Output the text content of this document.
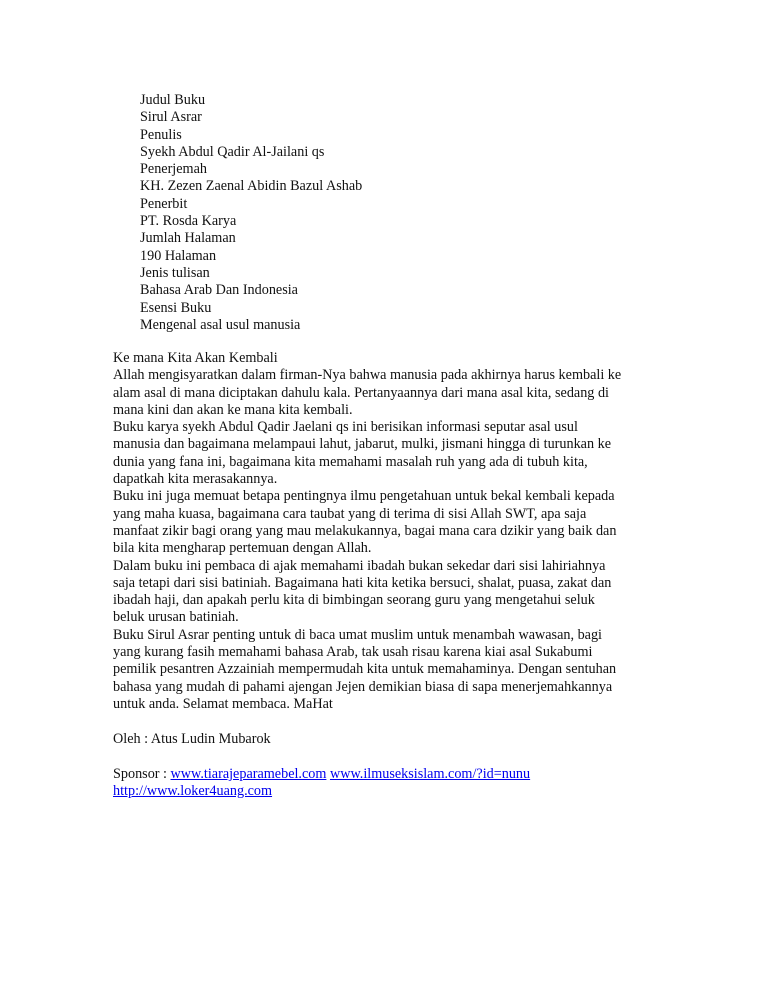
Judul Buku
Sirul Asrar
Penulis
Syekh Abdul Qadir Al-Jailani qs
Penerjemah
KH. Zezen Zaenal Abidin Bazul Ashab
Penerbit
PT. Rosda Karya
Jumlah Halaman
190 Halaman
Jenis tulisan
Bahasa Arab Dan Indonesia
Esensi Buku
Mengenal asal usul manusia
Ke mana Kita Akan Kembali
Allah mengisyaratkan dalam firman-Nya bahwa manusia pada akhirnya harus kembali ke
alam asal di mana diciptakan dahulu kala. Pertanyaannya dari mana asal kita, sedang di
mana kini dan akan ke mana kita kembali.
Buku karya syekh Abdul Qadir Jaelani qs ini berisikan informasi seputar asal usul
manusia dan bagaimana melampaui lahut, jabarut, mulki, jismani hingga di turunkan ke
dunia yang fana ini, bagaimana kita memahami masalah ruh yang ada di tubuh kita,
dapatkah kita merasakannya.
Buku ini juga memuat betapa pentingnya ilmu pengetahuan untuk bekal kembali kepada
yang maha kuasa, bagaimana cara taubat yang di terima di sisi Allah SWT, apa saja
manfaat zikir bagi orang yang mau melakukannya, bagai mana cara dzikir yang baik dan
bila kita mengharap pertemuan dengan Allah.
Dalam buku ini pembaca di ajak memahami ibadah bukan sekedar dari sisi lahiriahnya
saja tetapi dari sisi batiniah. Bagaimana hati kita ketika bersuci, shalat, puasa, zakat dan
ibadah haji, dan apakah perlu kita di bimbingan seorang guru yang mengetahui seluk
beluk urusan batiniah.
Buku Sirul Asrar penting untuk di baca umat muslim untuk menambah wawasan, bagi
yang kurang fasih memahami bahasa Arab, tak usah risau karena kiai asal Sukabumi
pemilik pesantren Azzainiah mempermudah kita untuk memahaminya. Dengan sentuhan
bahasa yang mudah di pahami ajengan Jejen demikian biasa di sapa menerjemahkannya
untuk anda. Selamat membaca. MaHat
Oleh : Atus Ludin Mubarok
Sponsor : www.tiarajeparamebel.com www.ilmuseksislam.com/?id=nunu
http://www.loker4uang.com
